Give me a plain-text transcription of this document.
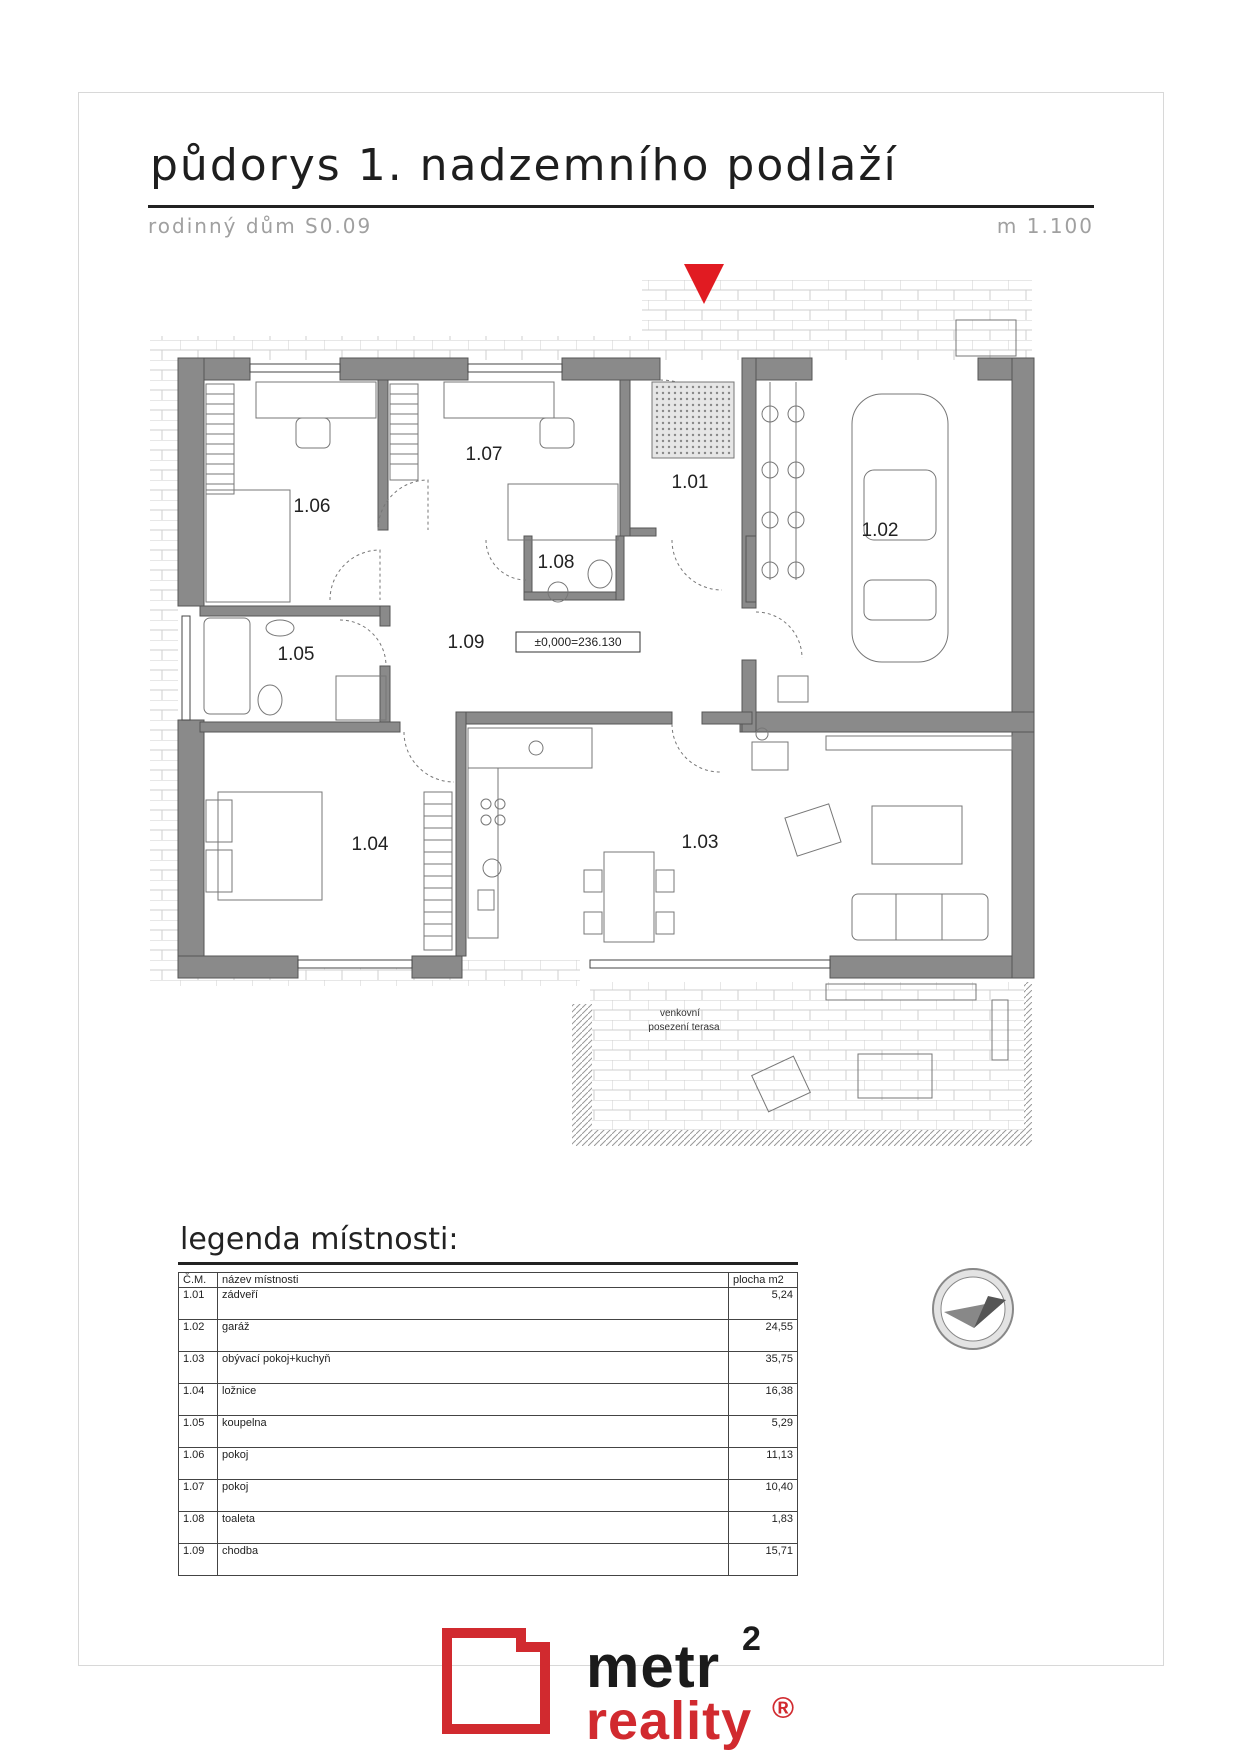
půdorys 1. nadzemního podlaží
rodinný dům S0.09	m 1.100
1.01
1.02
1.03
1.04
1.05
1.06
1.07
1.08
1.09	±0,000=236.130
venkovní
posezení terasa
legenda místnosti:
Č.M.	název místnosti	plocha m2
1.01	zádveří	5,24
1.02	garáž	24,55
1.03	obývací pokoj+kuchyň	35,75
1.04	ložnice	16,38
1.05	koupelna	5,29
1.06	pokoj	11,13
1.07	pokoj	10,40
1.08	toaleta	1,83
1.09	chodba	15,71
metr 2
reality ®
